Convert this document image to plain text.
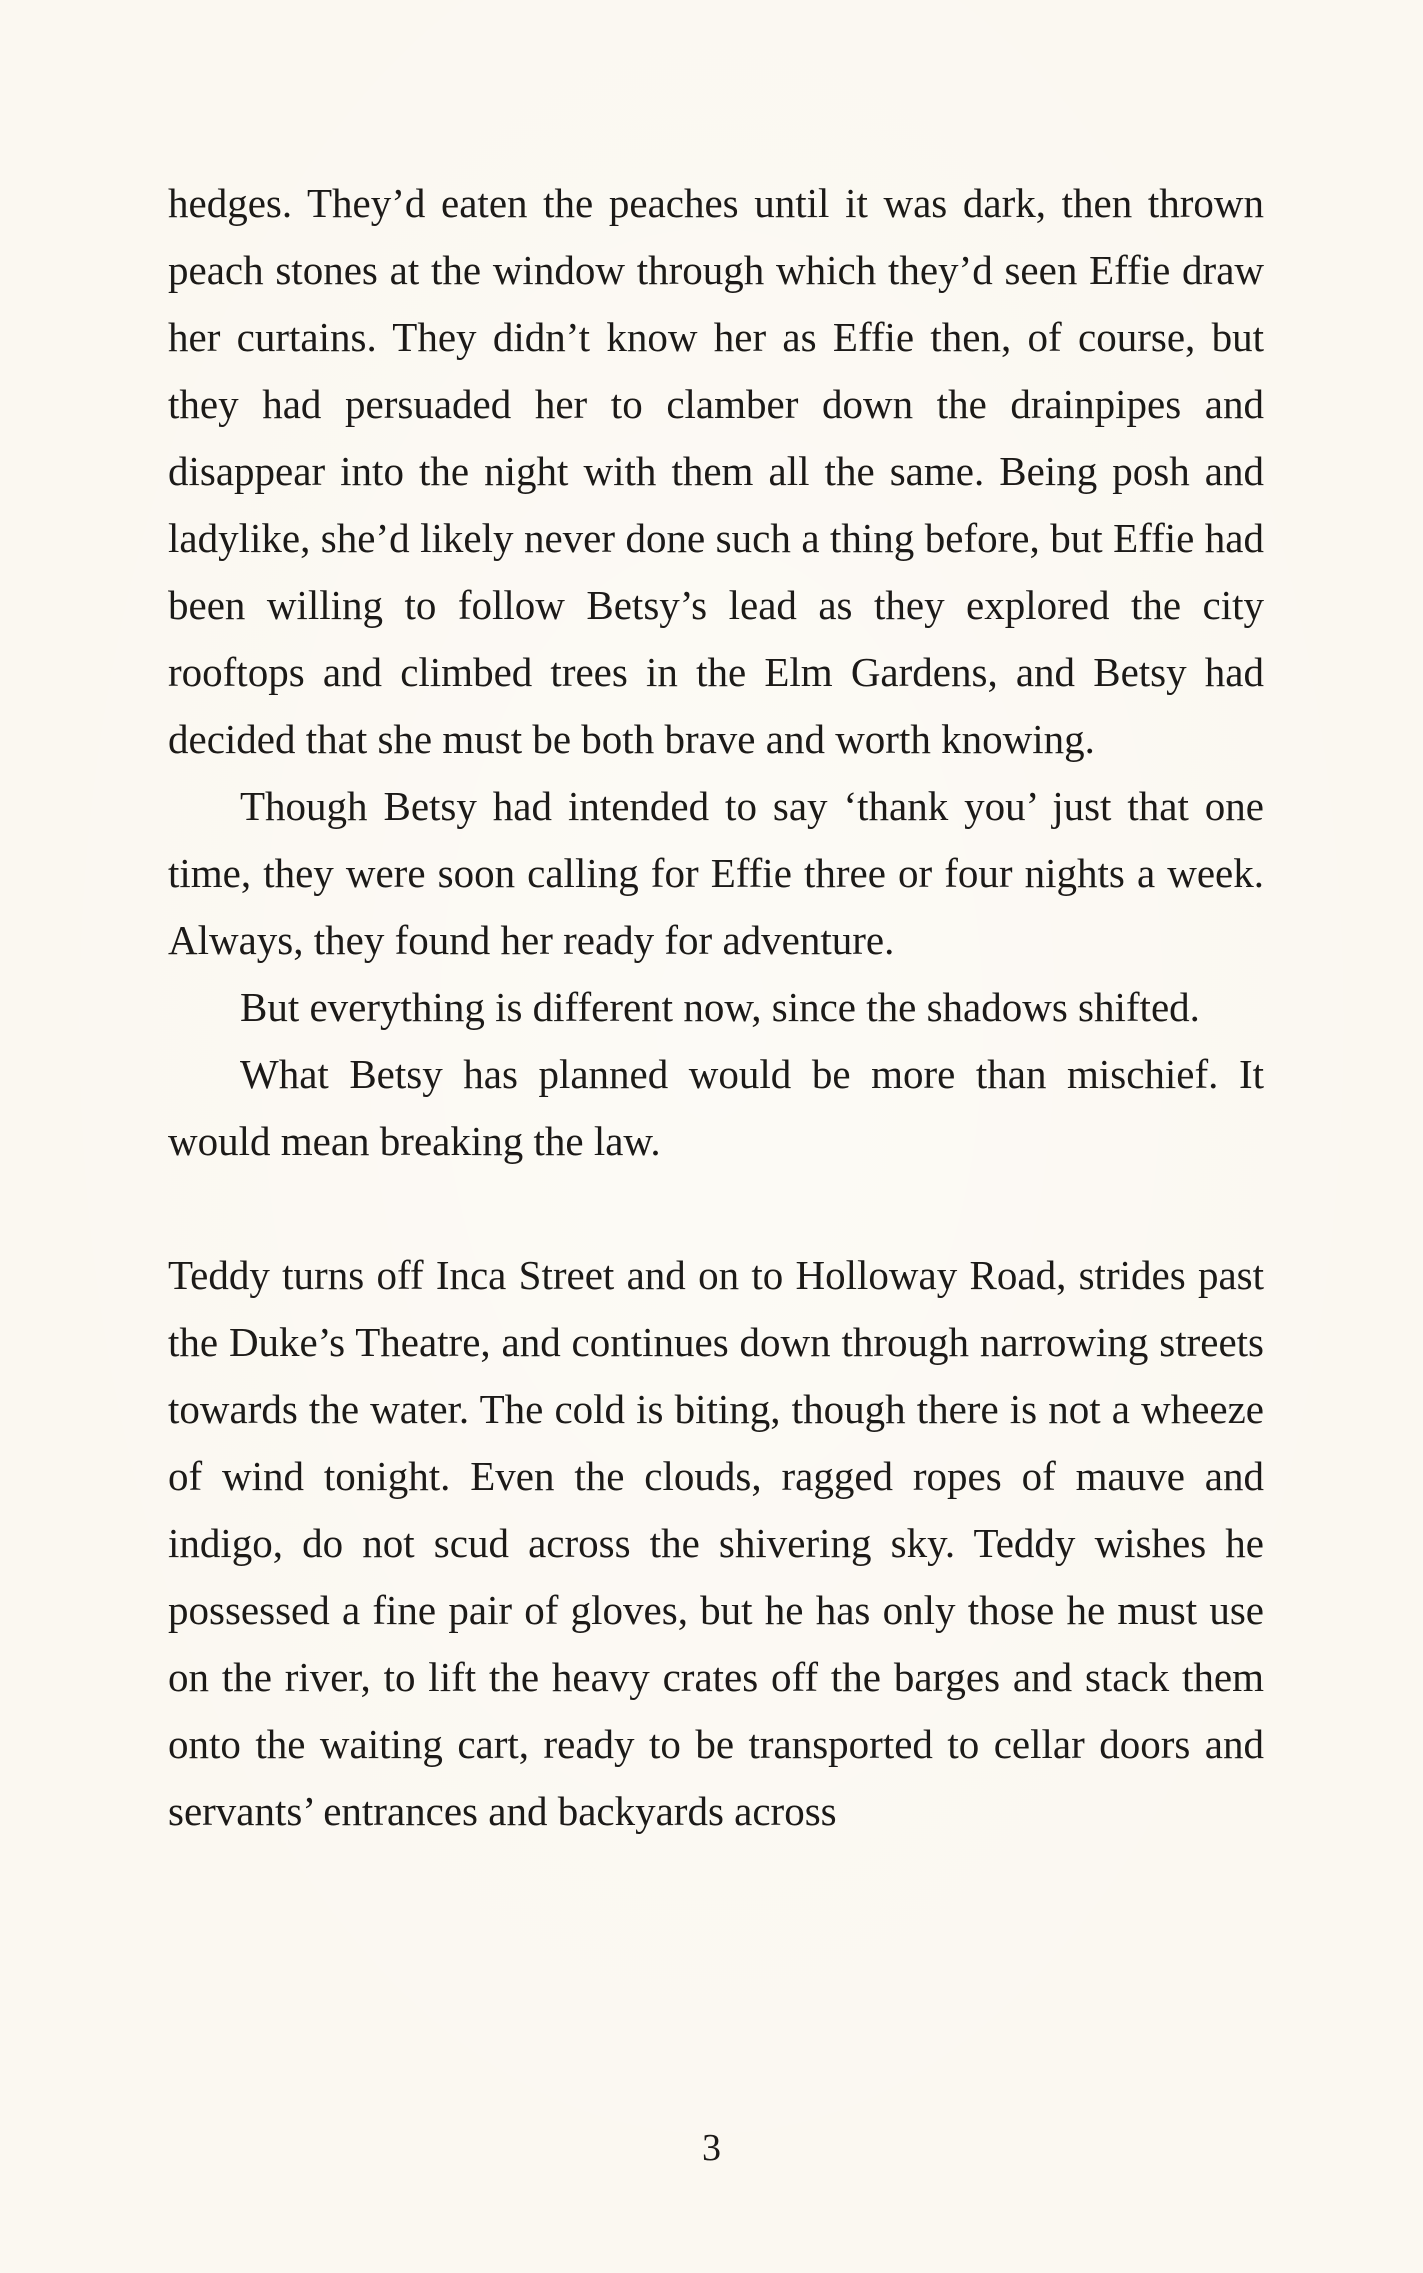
hedges. They’d eaten the peaches until it was dark, then thrown peach stones at the window through which they’d seen Effie draw her curtains. They didn’t know her as Effie then, of course, but they had persuaded her to clamber down the drainpipes and disappear into the night with them all the same. Being posh and ladylike, she’d likely never done such a thing before, but Effie had been willing to follow Betsy’s lead as they explored the city rooftops and climbed trees in the Elm Gardens, and Betsy had decided that she must be both brave and worth knowing.

Though Betsy had intended to say ‘thank you’ just that one time, they were soon calling for Effie three or four nights a week. Always, they found her ready for adventure.

But everything is different now, since the shadows shifted.

What Betsy has planned would be more than mischief. It would mean breaking the law.

Teddy turns off Inca Street and on to Holloway Road, strides past the Duke’s Theatre, and continues down through narrowing streets towards the water. The cold is biting, though there is not a wheeze of wind tonight. Even the clouds, ragged ropes of mauve and indigo, do not scud across the shivering sky. Teddy wishes he possessed a fine pair of gloves, but he has only those he must use on the river, to lift the heavy crates off the barges and stack them onto the waiting cart, ready to be transported to cellar doors and servants’ entrances and backyards across

3
